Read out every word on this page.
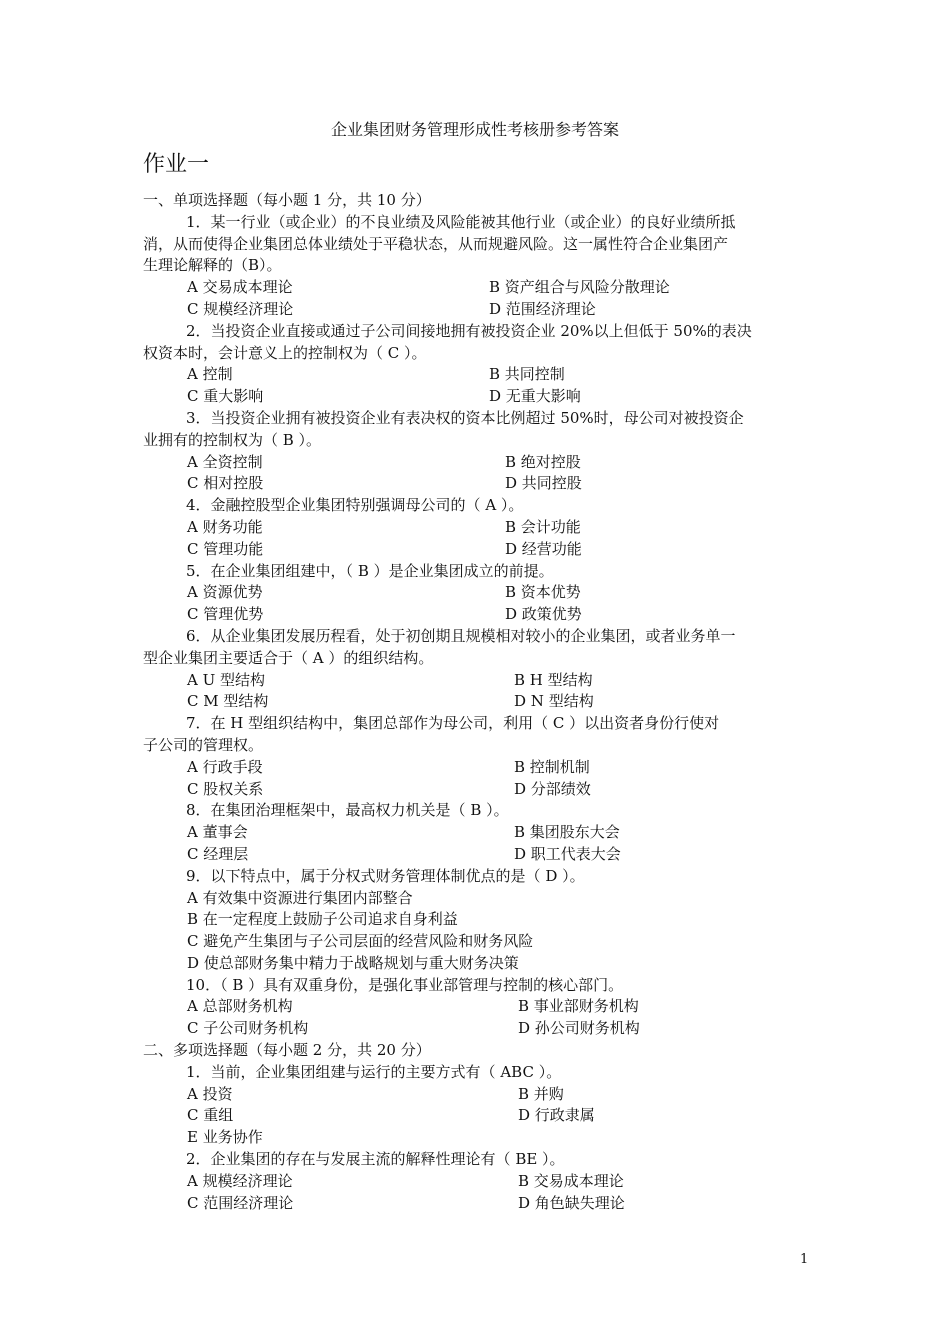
企业集团财务管理形成性考核册参考答案
作业一
一、单项选择题（每小题 1 分，共 10 分）
1．某一行业（或企业）的不良业绩及风险能被其他行业（或企业）的良好业绩所抵
消，从而使得企业集团总体业绩处于平稳状态，从而规避风险。这一属性符合企业集团产
生理论解释的（B）。
A 交易成本理论	B 资产组合与风险分散理论
C 规模经济理论	D 范围经济理论
2．当投资企业直接或通过子公司间接地拥有被投资企业 20%以上但低于 50%的表决
权资本时，会计意义上的控制权为（ C ）。
A 控制	B 共同控制
C 重大影响	D 无重大影响
3．当投资企业拥有被投资企业有表决权的资本比例超过 50%时，母公司对被投资企
业拥有的控制权为（ B ）。
A 全资控制	B 绝对控股
C 相对控股	D 共同控股
4．金融控股型企业集团特别强调母公司的（ A ）。
A 财务功能	B 会计功能
C 管理功能	D 经营功能
5．在企业集团组建中，（ B ）是企业集团成立的前提。
A 资源优势	B 资本优势
C 管理优势	D 政策优势
6．从企业集团发展历程看，处于初创期且规模相对较小的企业集团，或者业务单一
型企业集团主要适合于（ A ）的组织结构。
A U 型结构	B H 型结构
C M 型结构	D N 型结构
7．在 H 型组织结构中，集团总部作为母公司，利用（ C ）以出资者身份行使对
子公司的管理权。
A 行政手段	B 控制机制
C 股权关系	D 分部绩效
8．在集团治理框架中，最高权力机关是（ B ）。
A 董事会	B 集团股东大会
C 经理层	D 职工代表大会
9．以下特点中，属于分权式财务管理体制优点的是（ D ）。
A 有效集中资源进行集团内部整合
B 在一定程度上鼓励子公司追求自身利益
C 避免产生集团与子公司层面的经营风险和财务风险
D 使总部财务集中精力于战略规划与重大财务决策
10．（ B ）具有双重身份，是强化事业部管理与控制的核心部门。
A 总部财务机构	B 事业部财务机构
C 子公司财务机构	D 孙公司财务机构
二、多项选择题（每小题 2 分，共 20 分）
1．当前，企业集团组建与运行的主要方式有（ ABC ）。
A 投资	B 并购
C 重组	D 行政隶属
E 业务协作
2．企业集团的存在与发展主流的解释性理论有（ BE ）。
A 规模经济理论	B 交易成本理论
C 范围经济理论	D 角色缺失理论
1
